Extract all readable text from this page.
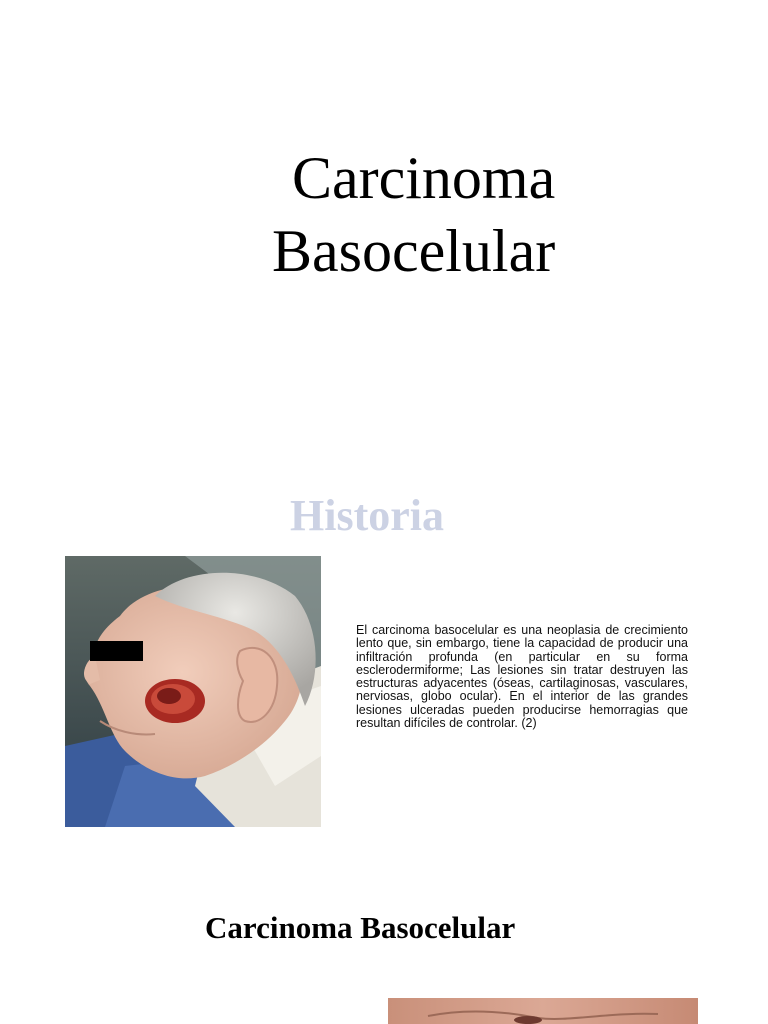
Carcinoma
Basocelular
Historia

El carcinoma basocelular es una neoplasia de crecimiento lento que, sin embargo, tiene la capacidad de producir una infiltración profunda (en particular en su forma esclerodermiforme; Las lesiones sin tratar destruyen las estructuras adyacentes (óseas, cartilaginosas, vasculares, nerviosas, globo ocular). En el interior de las grandes lesiones ulceradas pueden producirse hemorragias que resultan difíciles de controlar. (2)

Carcinoma Basocelular
